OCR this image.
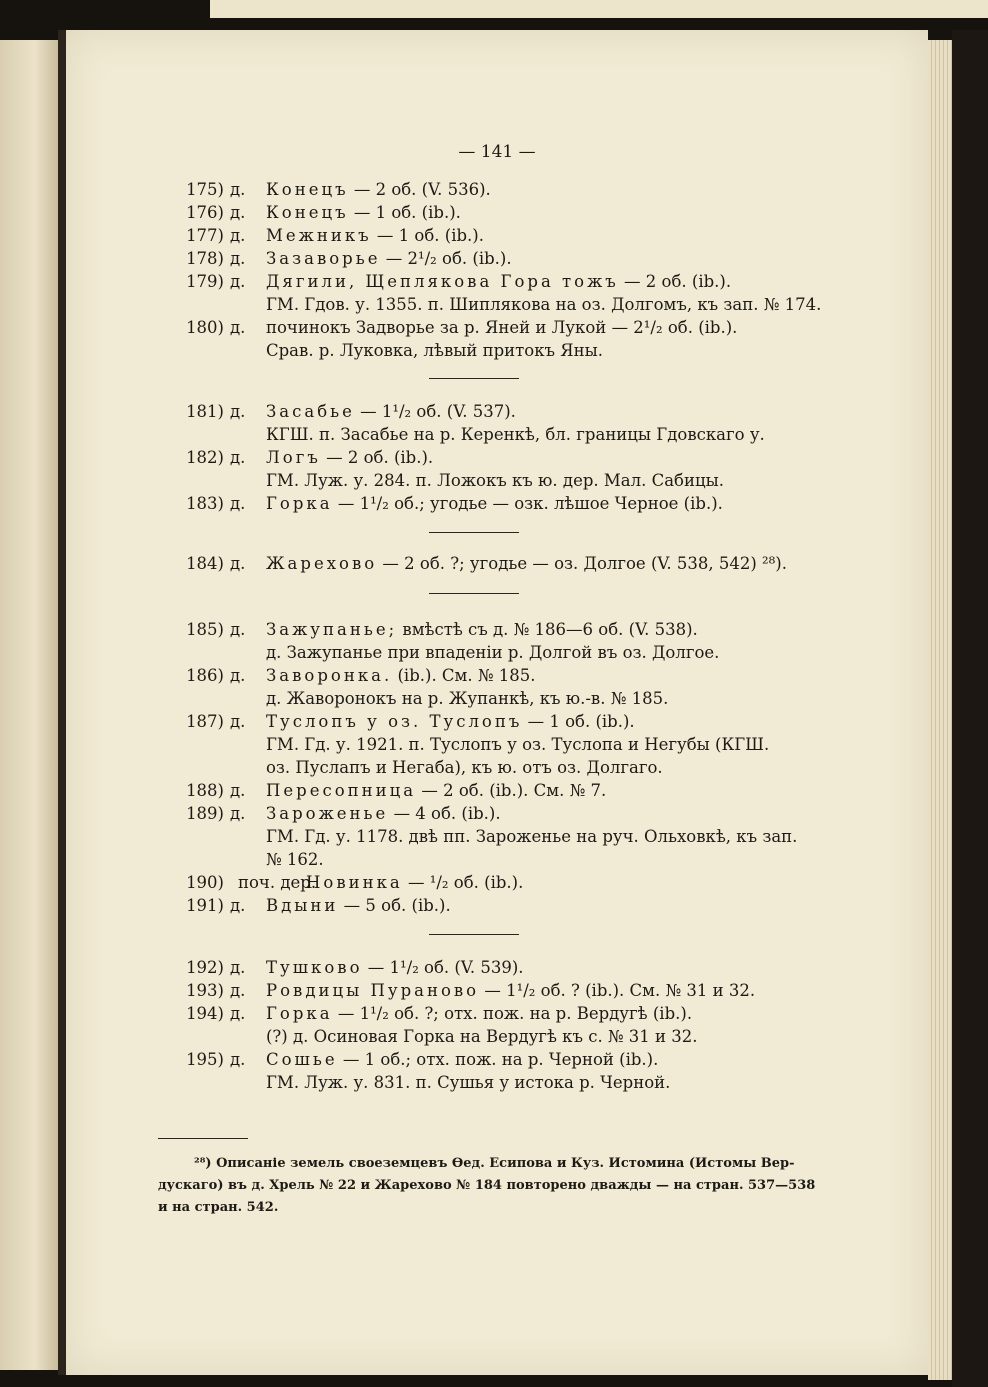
— 141 —
175) д. Конецъ — 2 об. (V. 536).
176) д. Конецъ — 1 об. (ib.).
177) д. Межникъ — 1 об. (ib.).
178) д. Зазаворье — 2¹/₂ об. (ib.).
179) д. Дягили, Щеплякова Гора тожъ — 2 об. (ib.).
ГМ. Гдов. у. 1355. п. Шиплякова на оз. Долгомъ, къ зап. № 174.
180) д. починокъ Задворье за р. Яней и Лукой — 2¹/₂ об. (ib.).
Срав. р. Луковка, лѣвый притокъ Яны.
181) д. Засабье — 1¹/₂ об. (V. 537).
КГШ. п. Засабье на р. Керенкѣ, бл. границы Гдовскаго у.
182) д. Логъ — 2 об. (ib.).
ГМ. Луж. у. 284. п. Ложокъ къ ю. дер. Мал. Сабицы.
183) д. Горка — 1¹/₂ об.; угодье — озк. лѣшое Черное (ib.).
184) д. Жарехово — 2 об. ?; угодье — оз. Долгое (V. 538, 542) ²⁸).
185) д. Зажупанье; вмѣстѣ съ д. № 186—6 об. (V. 538).
д. Зажупанье при впаденіи р. Долгой въ оз. Долгое.
186) д. Заворонка. (ib.). См. № 185.
д. Жаворонокъ на р. Жупанкѣ, къ ю.-в. № 185.
187) д. Туслопъ у оз. Туслопъ — 1 об. (ib.).
ГМ. Гд. у. 1921. п. Туслопъ у оз. Туслопа и Негубы (КГШ.
оз. Пуслапъ и Негаба), къ ю. отъ оз. Долгаго.
188) д. Пересопница — 2 об. (ib.). См. № 7.
189) д. Зароженье — 4 об. (ib.).
ГМ. Гд. у. 1178. двѣ пп. Зароженье на руч. Ольховкѣ, къ зап.
№ 162.
190) поч. дер.
Новинка — ¹/₂ об. (ib.).
191) д. Вдыни — 5 об. (ib.).
192) д. Тушково — 1¹/₂ об. (V. 539).
193) д. Ровдицы Пураново — 1¹/₂ об. ? (ib.). См. № 31 и 32.
194) д. Горка — 1¹/₂ об. ?; отх. пож. на р. Вердугѣ (ib.).
(?) д. Осиновая Горка на Вердугѣ къ с. № 31 и 32.
195) д. Сошье — 1 об.; отх. пож. на р. Черной (ib.).
ГМ. Луж. у. 831. п. Сушья у истока р. Черной.
²⁸) Описаніе земель своеземцевъ Ѳед. Есипова и Куз. Истомина (Истомы Вер-
дускаго) въ д. Хрель № 22 и Жарехово № 184 повторено дважды — на стран. 537—538
и на стран. 542.
